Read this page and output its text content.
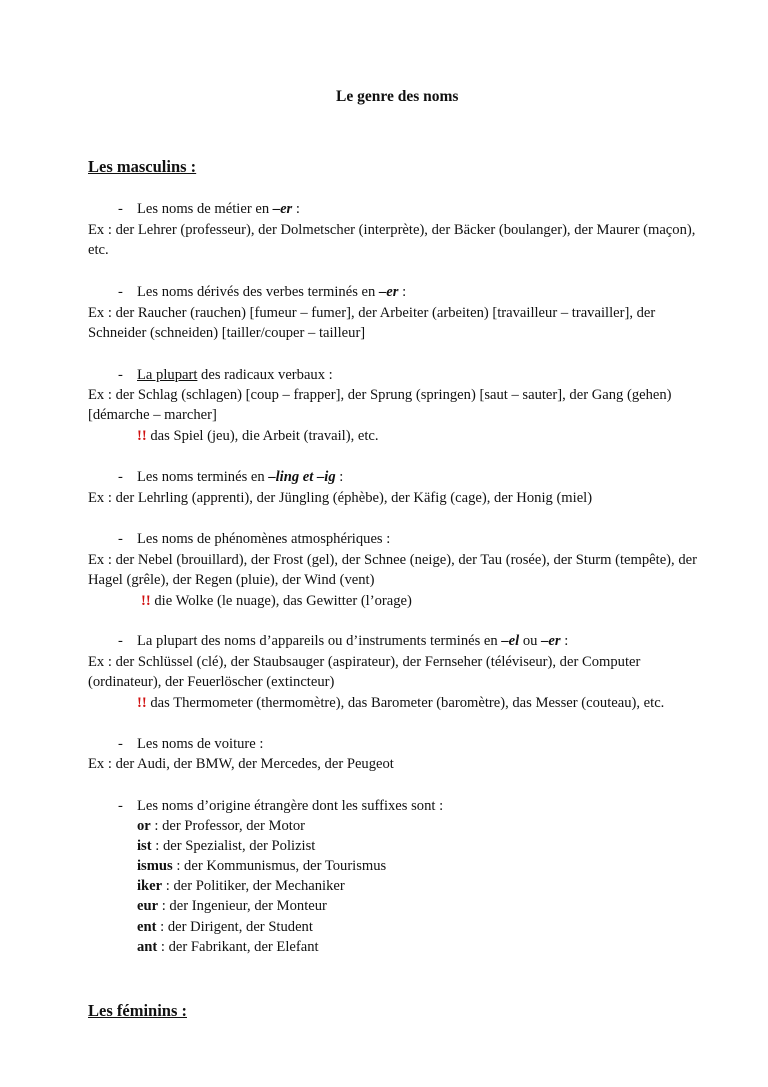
Le genre des noms
Les masculins :
- Les noms de métier en –er :
Ex : der Lehrer (professeur), der Dolmetscher (interprète), der Bäcker (boulanger), der Maurer (maçon),
etc.
- Les noms dérivés des verbes terminés en –er :
Ex : der Raucher (rauchen) [fumeur – fumer], der Arbeiter (arbeiten) [travailleur – travailler], der
Schneider (schneiden) [tailler/couper – tailleur]
- La plupart des radicaux verbaux :
Ex : der Schlag (schlagen) [coup – frapper], der Sprung (springen) [saut – sauter], der Gang (gehen)
[démarche – marcher]
!! das Spiel (jeu), die Arbeit (travail), etc.
- Les noms terminés en –ling et –ig :
Ex : der Lehrling (apprenti), der Jüngling (éphèbe), der Käfig (cage), der Honig (miel)
- Les noms de phénomènes atmosphériques :
Ex : der Nebel (brouillard), der Frost (gel), der Schnee (neige), der Tau (rosée), der Sturm (tempête), der
Hagel (grêle), der Regen (pluie), der Wind (vent)
!! die Wolke (le nuage), das Gewitter (l’orage)
- La plupart des noms d’appareils ou d’instruments terminés en –el ou –er :
Ex : der Schlüssel (clé), der Staubsauger (aspirateur), der Fernseher (téléviseur), der Computer
(ordinateur), der Feuerlöscher (extincteur)
!! das Thermometer (thermomètre), das Barometer (baromètre), das Messer (couteau), etc.
- Les noms de voiture :
Ex : der Audi, der BMW, der Mercedes, der Peugeot
- Les noms d’origine étrangère dont les suffixes sont :
or : der Professor, der Motor
ist : der Spezialist, der Polizist
ismus : der Kommunismus, der Tourismus
iker : der Politiker, der Mechaniker
eur : der Ingenieur, der Monteur
ent : der Dirigent, der Student
ant : der Fabrikant, der Elefant
Les féminins :
